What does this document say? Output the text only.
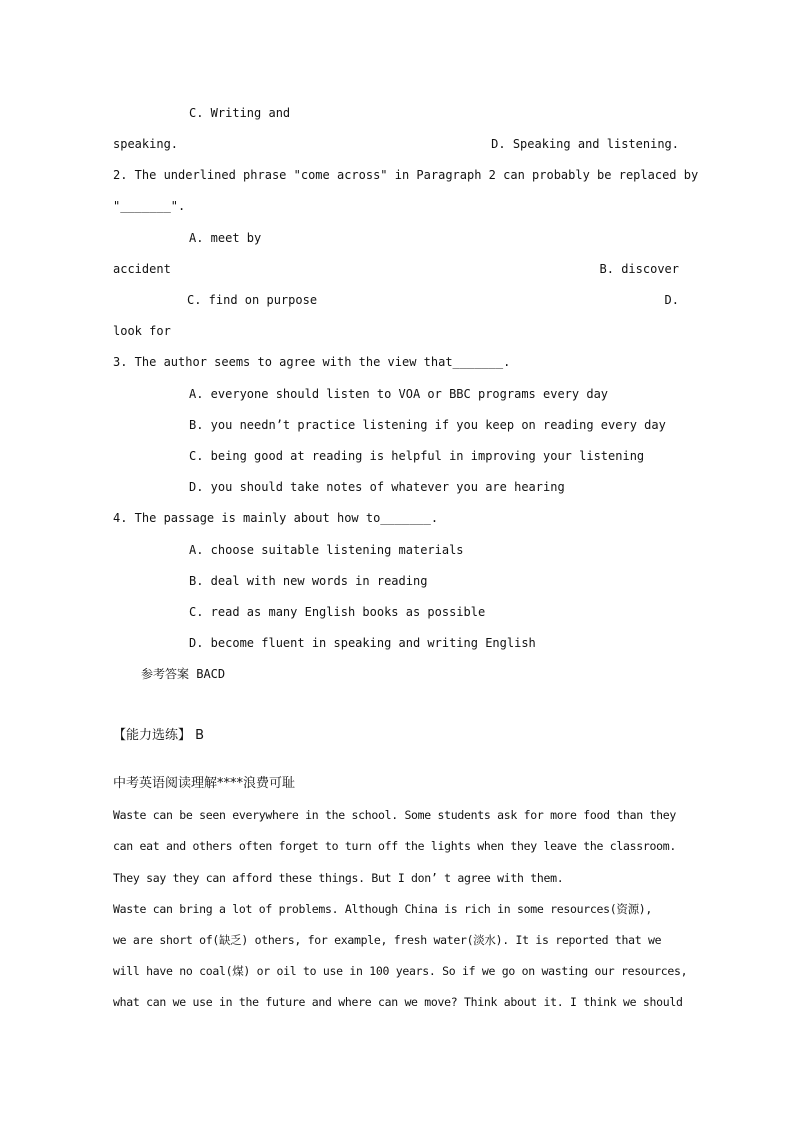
C. Writing and
speaking.	D. Speaking and listening.
2. The underlined phrase "come across" in Paragraph 2 can probably be replaced by
"_______".
A. meet by
accident	B. discover
C. find on purpose	D.
look for
3. The author seems to agree with the view that_______.
A. everyone should listen to VOA or BBC programs every day
B. you needn’t practice listening if you keep on reading every day
C. being good at reading is helpful in improving your listening
D. you should take notes of whatever you are hearing
4. The passage is mainly about how to_______.
A. choose suitable listening materials
B. deal with new words in reading
C. read as many English books as possible
D. become fluent in speaking and writing English
参考答案 BACD
【能力选练】 B
中考英语阅读理解****浪费可耻
Waste can be seen everywhere in the school. Some students ask for more food than they
can eat and others often forget to turn off the lights when they leave the classroom.
They say they can afford these things. But I don’ t agree with them.
Waste can bring a lot of problems. Although China is rich in some resources(资源),
we are short of(缺乏) others, for example, fresh water(淡水). It is reported that we
will have no coal(煤) or oil to use in 100 years. So if we go on wasting our resources,
what can we use in the future and where can we move? Think about it. I think we should
